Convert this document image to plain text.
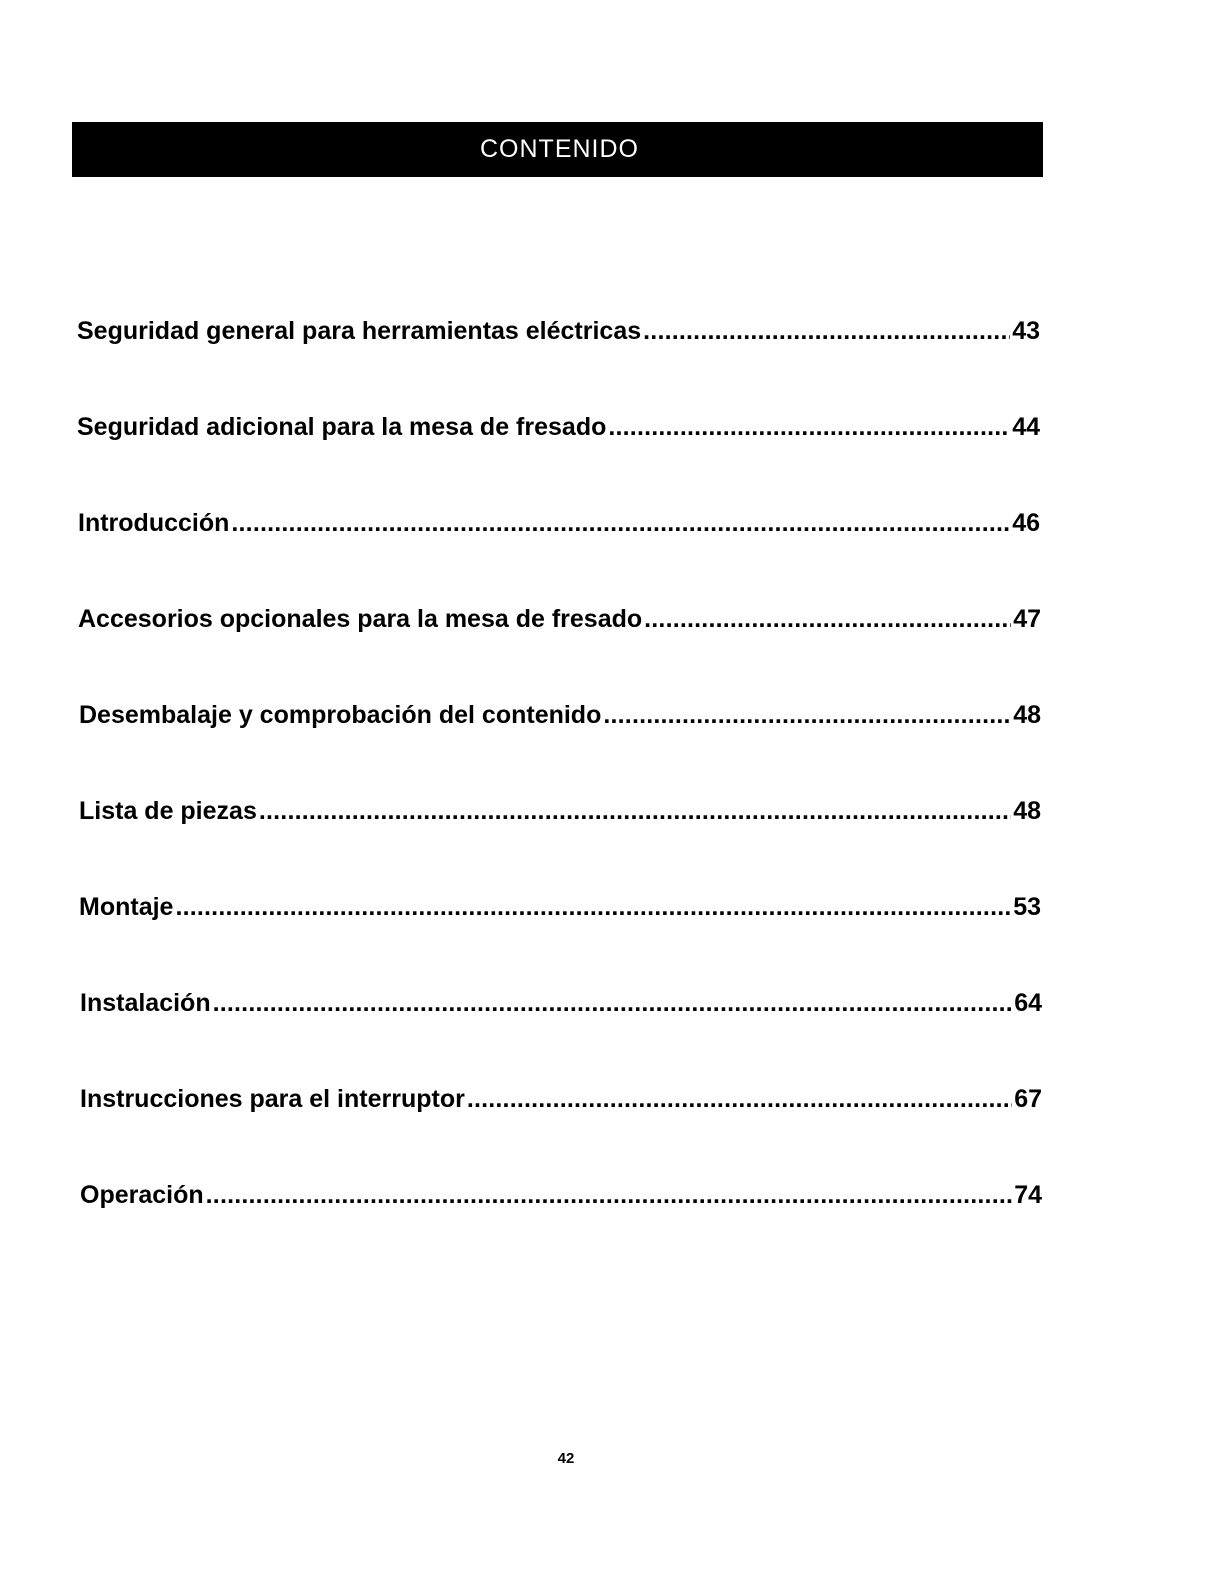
CONTENIDO
Seguridad general para herramientas eléctricas .....	43
Seguridad adicional para la mesa de fresado .....	44
Introducción .....	46
Accesorios opcionales para la mesa de fresado .....	47
Desembalaje y comprobación del contenido .....	48
Lista de piezas .....	48
Montaje .....	53
Instalación .....	64
Instrucciones para el interruptor .....	67
Operación .....	74
42
